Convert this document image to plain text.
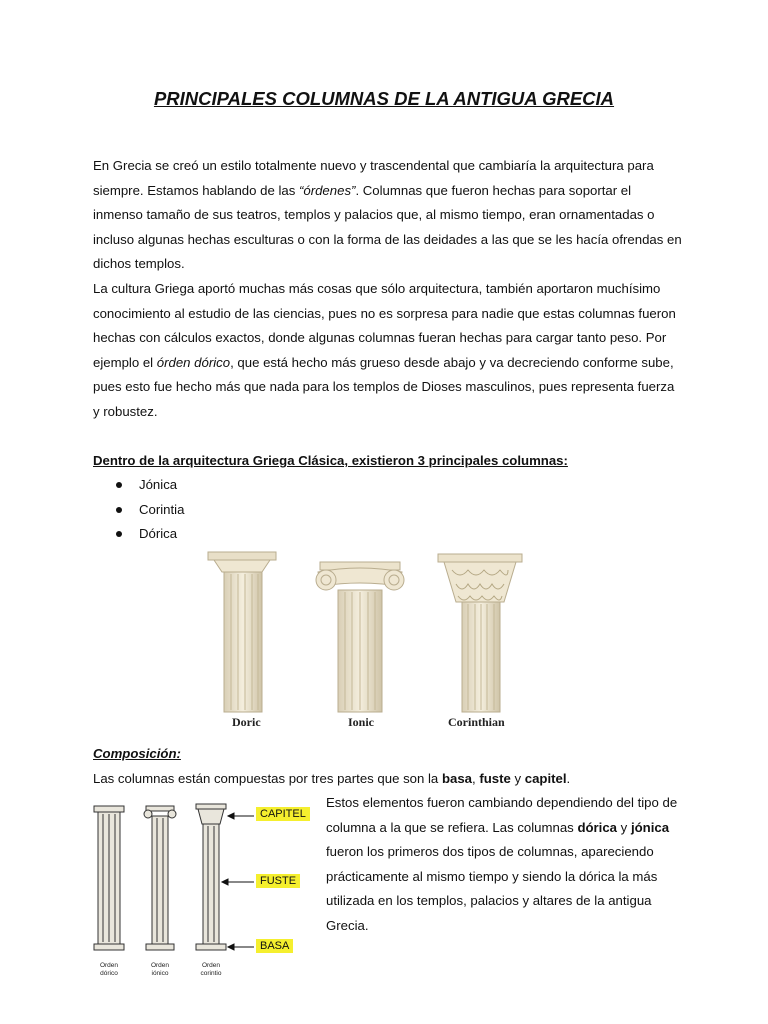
PRINCIPALES COLUMNAS DE LA ANTIGUA GRECIA
En Grecia se creó un estilo totalmente nuevo y trascendental que cambiaría la arquitectura para siempre. Estamos hablando de las “órdenes”. Columnas que fueron hechas para soportar el inmenso tamaño de sus teatros, templos y palacios que, al mismo tiempo, eran ornamentadas o incluso algunas hechas esculturas o con la forma de las deidades a las que se les hacía ofrendas en dichos templos.
La cultura Griega aportó muchas más cosas que sólo arquitectura, también aportaron muchísimo conocimiento al estudio de las ciencias, pues no es sorpresa para nadie que estas columnas fueron hechas con cálculos exactos, donde algunas columnas fueran hechas para cargar tanto peso. Por ejemplo el órden dórico, que está hecho más grueso desde abajo y va decreciendo conforme sube, pues esto fue hecho más que nada para los templos de Dioses masculinos, pues representa fuerza y robustez.
Dentro de la arquitectura Griega Clásica, existieron 3 principales columnas:
Jónica
Corintia
Dórica
Doric	Ionic	Corinthian
Composición:
Las columnas están compuestas por tres partes que son la basa, fuste y capitel.
CAPITEL
FUSTE
BASA
Orden
dórico
Orden
iónico
Orden
corintio
Estos elementos fueron cambiando dependiendo del tipo de columna a la que se refiera. Las columnas dórica y jónica fueron los primeros dos tipos de columnas, apareciendo prácticamente al mismo tiempo y siendo la dórica la más utilizada en los templos, palacios y altares de la antigua Grecia.
